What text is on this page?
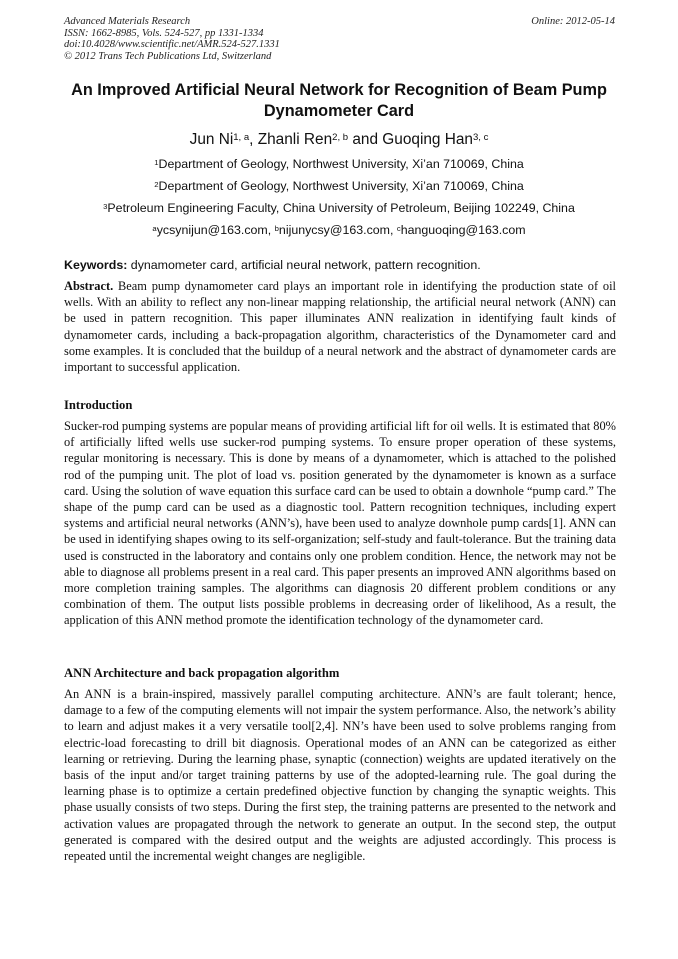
Advanced Materials Research
ISSN: 1662-8985, Vols. 524-527, pp 1331-1334
doi:10.4028/www.scientific.net/AMR.524-527.1331
© 2012 Trans Tech Publications Ltd, Switzerland
Online: 2012-05-14
An Improved Artificial Neural Network for Recognition of Beam Pump Dynamometer Card
Jun Ni$^{1, a}$, Zhanli Ren$^{2, b}$ and Guoqing Han$^{3, c}$
$^1$Department of Geology, Northwest University, Xi’an 710069, China
$^2$Department of Geology, Northwest University, Xi’an 710069, China
$^3$Petroleum Engineering Faculty, China University of Petroleum, Beijing 102249, China
$^a$ycsynijun@163.com, $^b$nijunycsy@163.com, $^c$hanguoqing@163.com
Keywords: dynamometer card, artificial neural network, pattern recognition.
Abstract. Beam pump dynamometer card plays an important role in identifying the production state of oil wells. With an ability to reflect any non-linear mapping relationship, the artificial neural network (ANN) can be used in pattern recognition. This paper illuminates ANN realization in identifying fault kinds of dynamometer cards, including a back-propagation algorithm, characteristics of the Dynamometer card and some examples. It is concluded that the buildup of a neural network and the abstract of dynamometer cards are important to successful application.
Introduction
Sucker-rod pumping systems are popular means of providing artificial lift for oil wells. It is estimated that 80% of artificially lifted wells use sucker-rod pumping systems. To ensure proper operation of these systems, regular monitoring is necessary. This is done by means of a dynamometer, which is attached to the polished rod of the pumping unit. The plot of load vs. position generated by the dynamometer is known as a surface card. Using the solution of wave equation this surface card can be used to obtain a downhole “pump card.” The shape of the pump card can be used as a diagnostic tool. Pattern recognition techniques, including expert systems and artificial neural networks (ANN’s), have been used to analyze downhole pump cards[1]. ANN can be used in identifying shapes owing to its self-organization; self-study and fault-tolerance. But the training data used is constructed in the laboratory and contains only one problem condition. Hence, the network may not be able to diagnose all problems present in a real card. This paper presents an improved ANN algorithms based on more completion training samples. The algorithms can diagnosis 20 different problem conditions or any combination of them. The output lists possible problems in decreasing order of likelihood, As a result, the application of this ANN method promote the identification technology of the dynamometer card.
ANN Architecture and back propagation algorithm
An ANN is a brain-inspired, massively parallel computing architecture. ANN’s are fault tolerant; hence, damage to a few of the computing elements will not impair the system performance. Also, the network’s ability to learn and adjust makes it a very versatile tool[2,4]. NN’s have been used to solve problems ranging from electric-load forecasting to drill bit diagnosis. Operational modes of an ANN can be categorized as either learning or retrieving. During the learning phase, synaptic (connection) weights are updated iteratively on the basis of the input and/or target training patterns by use of the adopted-learning rule. The goal during the learning phase is to optimize a certain predefined objective function by changing the synaptic weights. This phase usually consists of two steps. During the first step, the training patterns are presented to the network and activation values are propagated through the network to generate an output. In the second step, the output generated is compared with the desired output and the weights are adjusted accordingly. This process is repeated until the incremental weight changes are negligible.
